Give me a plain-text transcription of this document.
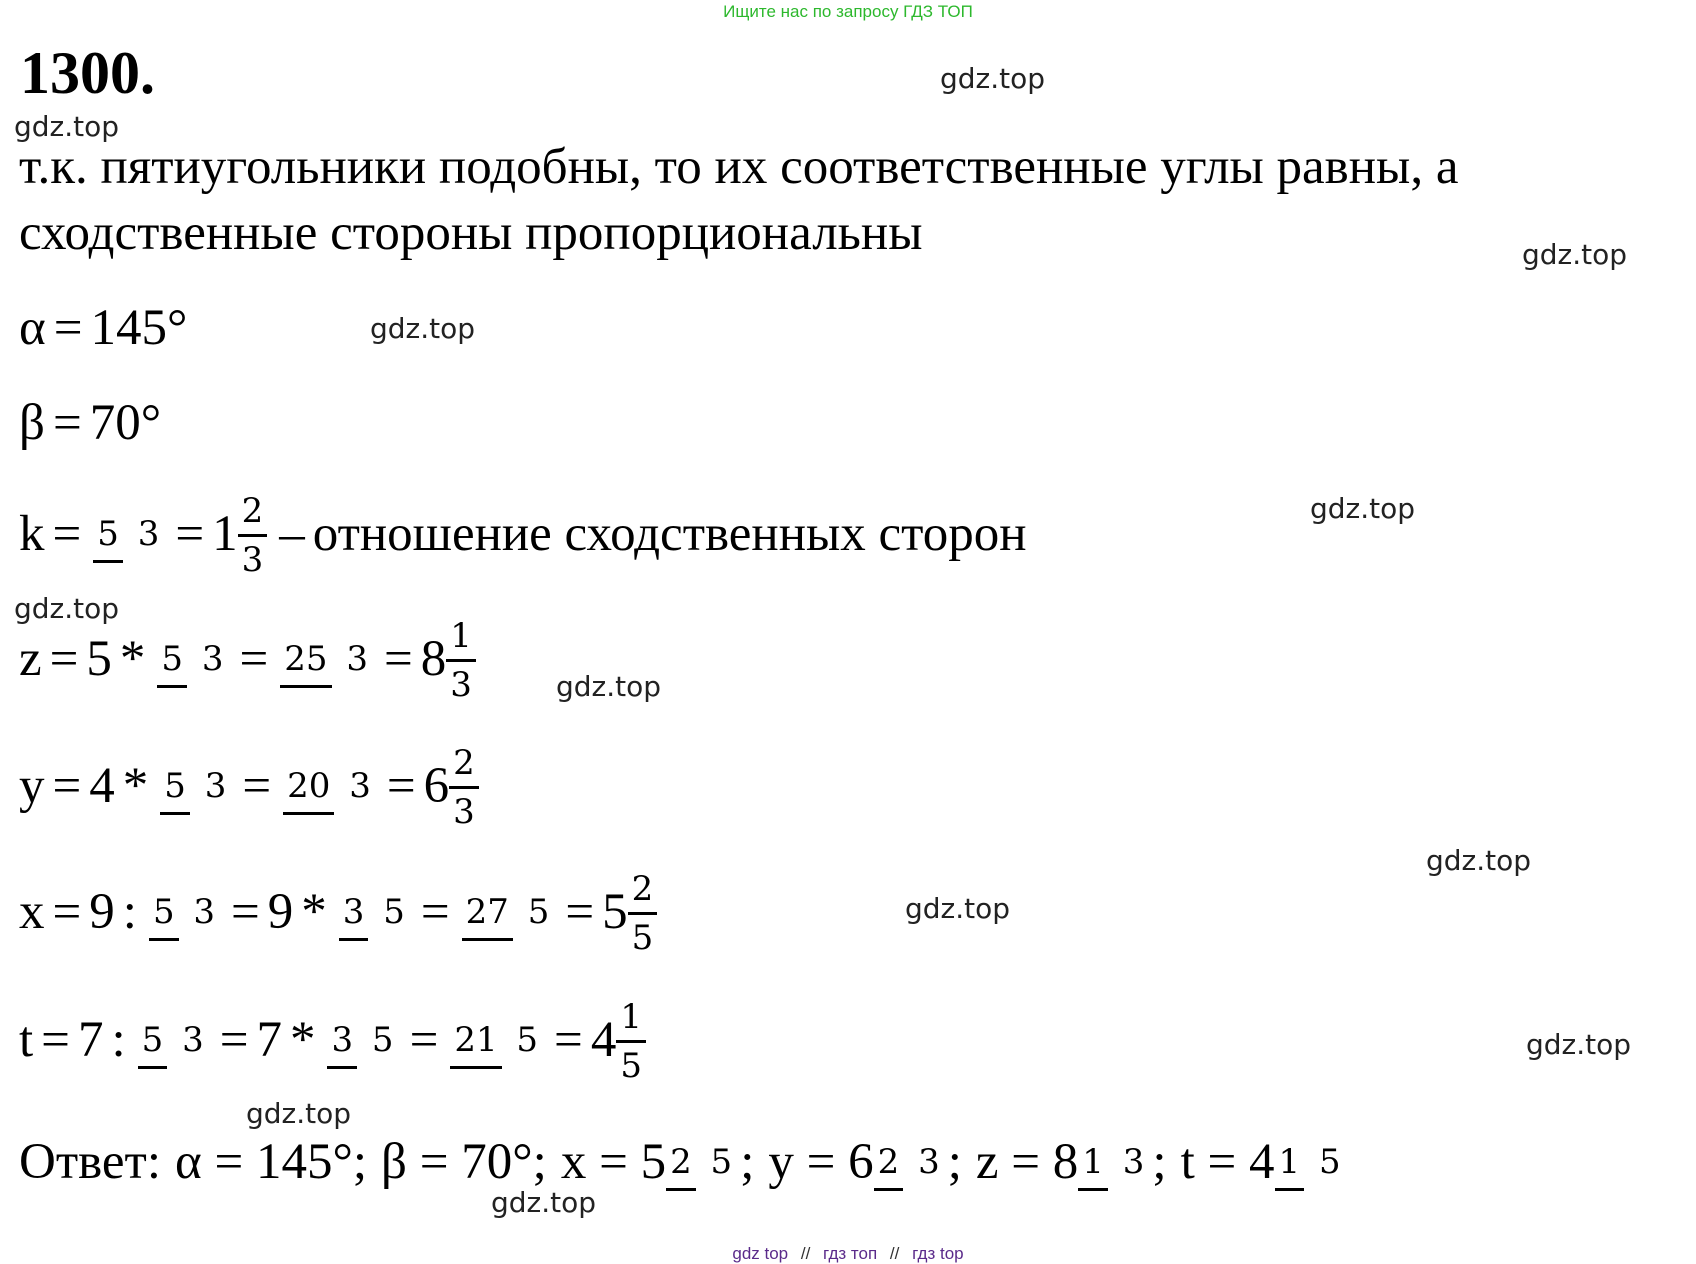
Ищите нас по запросу ГДЗ ТОП
1300.	gdz.top
gdz.top
gdz.top
gdz.top
gdz.top
gdz.top
gdz.top
gdz.top
gdz.top
gdz.top
gdz.top
gdz.top
т.к. пятиугольники подобны, то их соответственные углы равны, а
сходственные стороны пропорциональны
α = 145°
β = 70°
k = 5 $3 = 1 \frac{2}{3}$ – отношение сходственных сторон
z = 5 * 5 3 = 25 $3 = 8 \frac{1}{3}$
y = 4 * 5 3 = 20 $3 = 6 \frac{2}{3}$
x = 9 : 5 3 = 9 * 3 5 = 27 $5 = 5 \frac{2}{5}$
t = 7 : 5 3 = 7 * 3 5 = 21 $5 = 4 \frac{1}{5}$
Ответ: α = 145°; β = 70°; x = 5 2 5 ; y = 6 2 3 ; z = 8 1 3 ; t = 4 1 5
gdz top // гдз топ // гдз top
